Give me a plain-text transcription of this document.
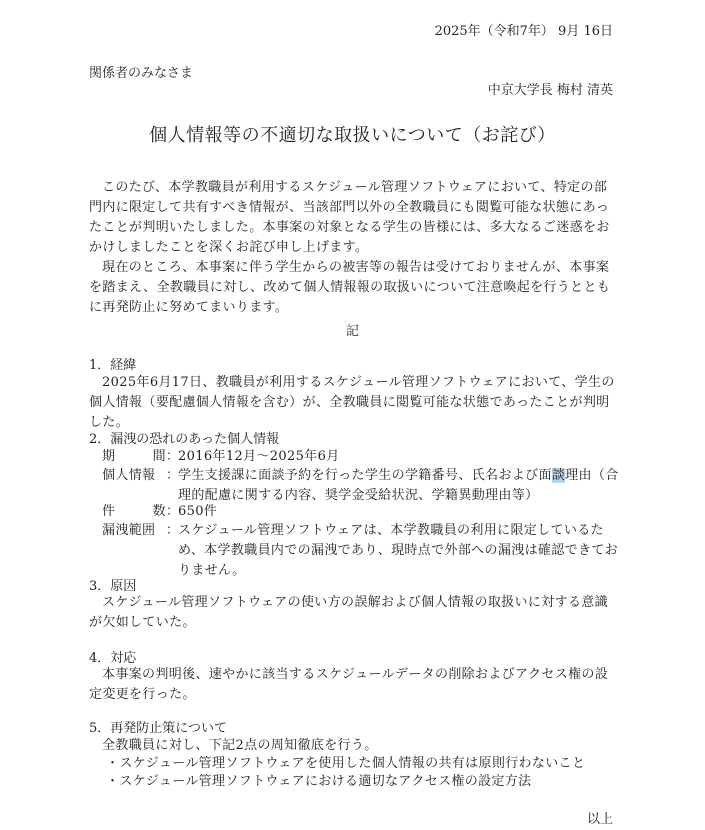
2025年（令和7年） 9月 16日
関係者のみなさま
中京大学長 梅村 清英
個人情報等の不適切な取扱いについて（お詫び）
このたび、本学教職員が利用するスケジュール管理ソフトウェアにおいて、特定の部門内に限定して共有すべき情報が、当該部門以外の全教職員にも閲覧可能な状態にあったことが判明いたしました。本事案の対象となる学生の皆様には、多大なるご迷惑をおかけしましたことを深くお詫び申し上げます。
現在のところ、本事案に伴う学生からの被害等の報告は受けておりませんが、本事案を踏まえ、全教職員に対し、改めて個人情報報の取扱いについて注意喚起を行うとともに再発防止に努めてまいります。
記
1．経緯
2025年6月17日、教職員が利用するスケジュール管理ソフトウェアにおいて、学生の個人情報（要配慮個人情報を含む）が、全教職員に閲覧可能な状態であったことが判明した。
2．漏洩の恐れのあった個人情報
期	間 ：
2016年12月～2025年6月
個人情報 ：
学生支援課に面談予約を行った学生の学籍番号、氏名および面談理由（合理的配慮に関する内容、奨学金受給状況、学籍異動理由等）
件	数 ：
650件
漏洩範囲 ：
スケジュール管理ソフトウェアは、本学教職員の利用に限定しているため、本学教職員内での漏洩であり、現時点で外部への漏洩は確認できておりません。
3．原因
スケジュール管理ソフトウェアの使い方の誤解および個人情報の取扱いに対する意識が欠如していた。
4．対応
本事案の判明後、速やかに該当するスケジュールデータの削除およびアクセス権の設定変更を行った。
5．再発防止策について
全教職員に対し、下記2点の周知徹底を行う。
・スケジュール管理ソフトウェアを使用した個人情報の共有は原則行わないこと
・スケジュール管理ソフトウェアにおける適切なアクセス権の設定方法
以上
